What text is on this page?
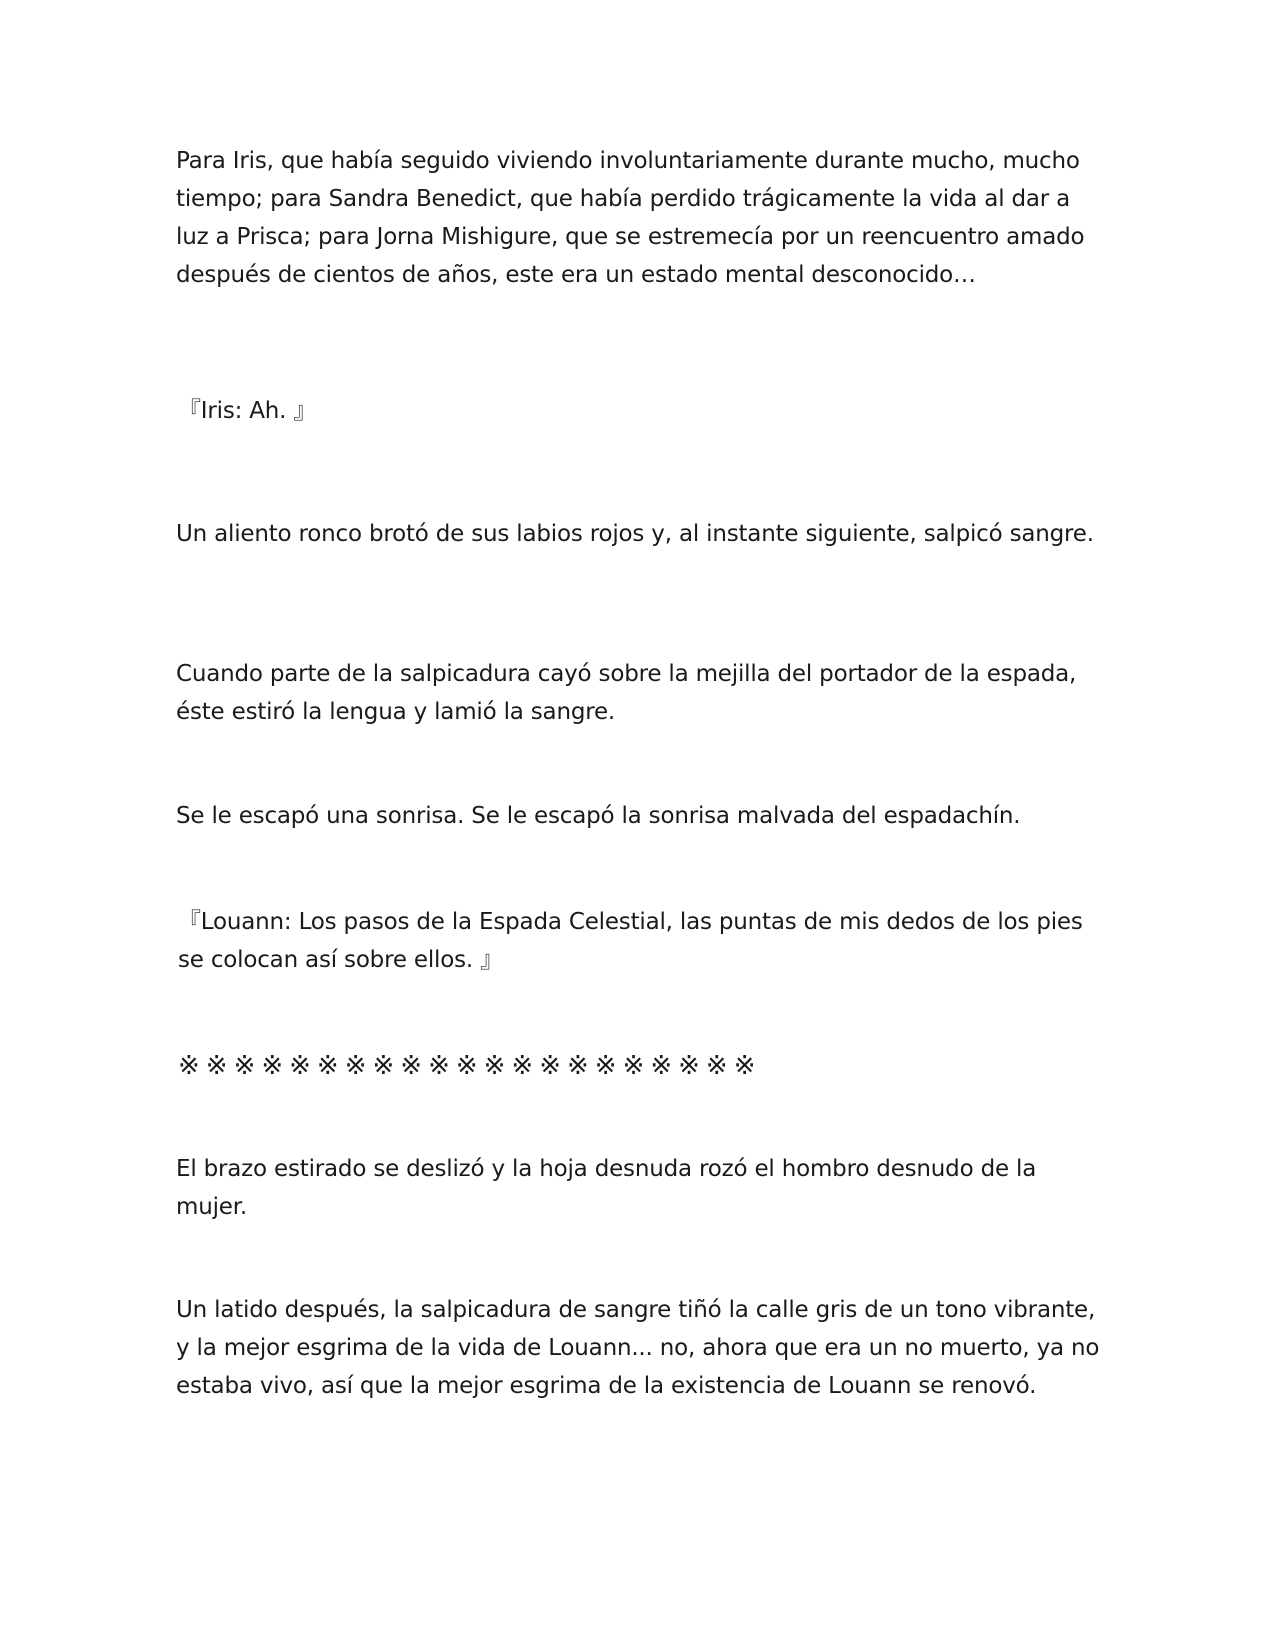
Para Iris, que había seguido viviendo involuntariamente durante mucho, mucho tiempo; para Sandra Benedict, que había perdido trágicamente la vida al dar a luz a Prisca; para Jorna Mishigure, que se estremecía por un reencuentro amado después de cientos de años, este era un estado mental desconocido…

『Iris: Ah. 』

Un aliento ronco brotó de sus labios rojos y, al instante siguiente, salpicó sangre.

Cuando parte de la salpicadura cayó sobre la mejilla del portador de la espada, éste estiró la lengua y lamió la sangre.

Se le escapó una sonrisa. Se le escapó la sonrisa malvada del espadachín.

『Louann: Los pasos de la Espada Celestial, las puntas de mis dedos de los pies se colocan así sobre ellos. 』

※※※※※※※※※※※※※※※※※※※※※

El brazo estirado se deslizó y la hoja desnuda rozó el hombro desnudo de la mujer.

Un latido después, la salpicadura de sangre tiñó la calle gris de un tono vibrante, y la mejor esgrima de la vida de Louann... no, ahora que era un no muerto, ya no estaba vivo, así que la mejor esgrima de la existencia de Louann se renovó.
